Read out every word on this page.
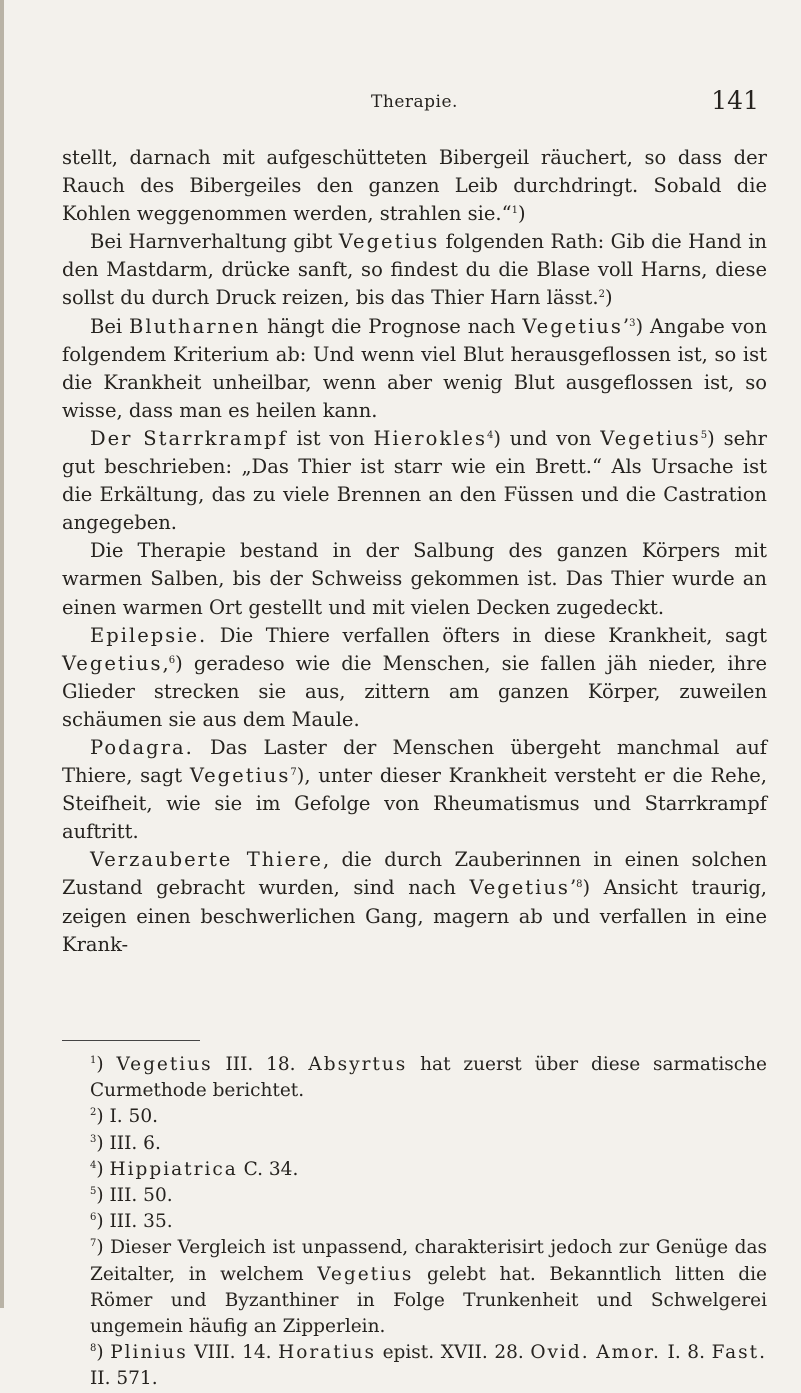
Therapie.	141

stellt, darnach mit aufgeschütteten Bibergeil räuchert, so dass der Rauch des Bibergeiles den ganzen Leib durchdringt. Sobald die Kohlen weggenommen werden, strahlen sie.“$^1$)

Bei Harnverhaltung gibt Vegetius folgenden Rath: Gib die Hand in den Mastdarm, drücke sanft, so findest du die Blase voll Harns, diese sollst du durch Druck reizen, bis das Thier Harn lässt.$^2$)

Bei Blutharnen hängt die Prognose nach Vegetius’$^3$) Angabe von folgendem Kriterium ab: Und wenn viel Blut herausgeflossen ist, so ist die Krankheit unheilbar, wenn aber wenig Blut ausgeflossen ist, so wisse, dass man es heilen kann.

Der Starrkrampf ist von Hierokles$^4$) und von Vegetius$^5$) sehr gut beschrieben: „Das Thier ist starr wie ein Brett.“ Als Ursache ist die Erkältung, das zu viele Brennen an den Füssen und die Castration angegeben.

Die Therapie bestand in der Salbung des ganzen Körpers mit warmen Salben, bis der Schweiss gekommen ist. Das Thier wurde an einen warmen Ort gestellt und mit vielen Decken zugedeckt.

Epilepsie. Die Thiere verfallen öfters in diese Krankheit, sagt Vegetius,$^6$) geradeso wie die Menschen, sie fallen jäh nieder, ihre Glieder strecken sie aus, zittern am ganzen Körper, zuweilen schäumen sie aus dem Maule.

Podagra. Das Laster der Menschen übergeht manchmal auf Thiere, sagt Vegetius$^7$), unter dieser Krankheit versteht er die Rehe, Steifheit, wie sie im Gefolge von Rheumatismus und Starrkrampf auftritt.

Verzauberte Thiere, die durch Zauberinnen in einen solchen Zustand gebracht wurden, sind nach Vegetius’$^8$) Ansicht traurig, zeigen einen beschwerlichen Gang, magern ab und verfallen in eine Krank-

$^1$) Vegetius III. 18. Absyrtus hat zuerst über diese sarmatische Curmethode berichtet.

$^2$) I. 50.

$^3$) III. 6.

$^4$) Hippiatrica C. 34.

$^5$) III. 50.

$^6$) III. 35.

$^7$) Dieser Vergleich ist unpassend, charakterisirt jedoch zur Genüge das Zeitalter, in welchem Vegetius gelebt hat. Bekanntlich litten die Römer und Byzanthiner in Folge Trunkenheit und Schwelgerei ungemein häufig an Zipperlein.

$^8$) Plinius VIII. 14. Horatius epist. XVII. 28. Ovid. Amor. I. 8. Fast. II. 571.
